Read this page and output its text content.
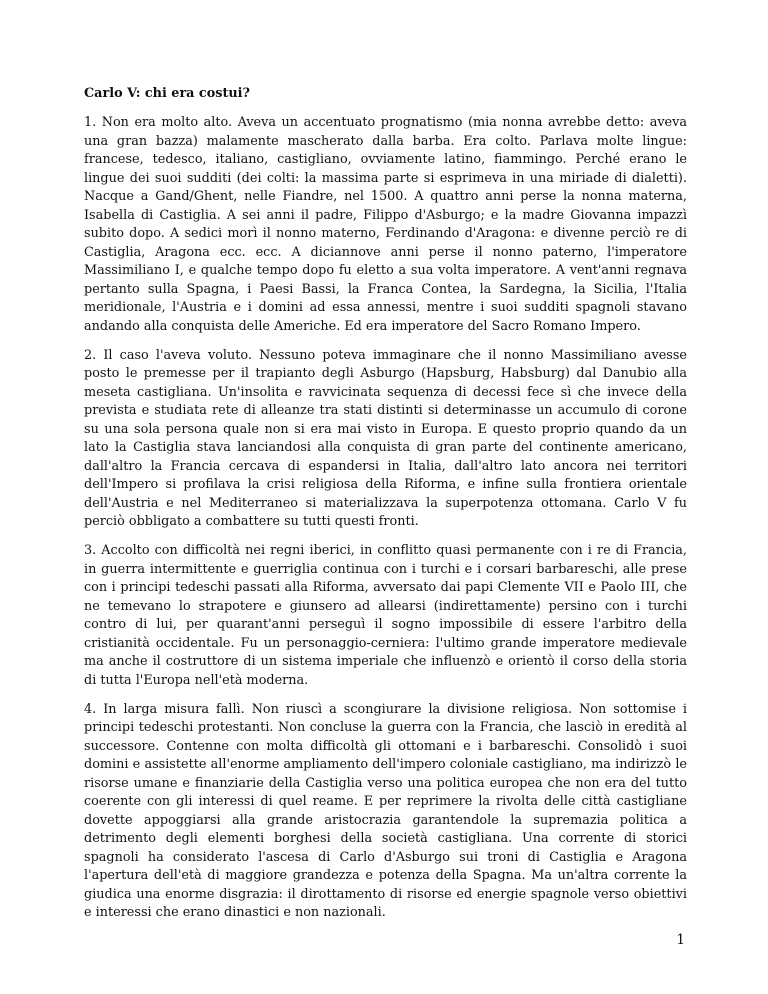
Carlo V: chi era costui?

1. Non era molto alto. Aveva un accentuato prognatismo (mia nonna avrebbe detto: aveva una gran bazza) malamente mascherato dalla barba. Era colto. Parlava molte lingue: francese, tedesco, italiano, castigliano, ovviamente latino, fiammingo. Perché erano le lingue dei suoi sudditi (dei colti: la massima parte si esprimeva in una miriade di dialetti). Nacque a Gand/Ghent, nelle Fiandre, nel 1500. A quattro anni perse la nonna materna, Isabella di Castiglia. A sei anni il padre, Filippo d'Asburgo; e la madre Giovanna impazzì subito dopo. A sedici morì il nonno materno, Ferdinando d'Aragona: e divenne perciò re di Castiglia, Aragona ecc. ecc. A diciannove anni perse il nonno paterno, l'imperatore Massimiliano I, e qualche tempo dopo fu eletto a sua volta imperatore. A vent'anni regnava pertanto sulla Spagna, i Paesi Bassi, la Franca Contea, la Sardegna, la Sicilia, l'Italia meridionale, l'Austria e i domini ad essa annessi, mentre i suoi sudditi spagnoli stavano andando alla conquista delle Americhe. Ed era imperatore del Sacro Romano Impero.

2. Il caso l'aveva voluto. Nessuno poteva immaginare che il nonno Massimiliano avesse posto le premesse per il trapianto degli Asburgo (Hapsburg, Habsburg) dal Danubio alla meseta castigliana. Un'insolita e ravvicinata sequenza di decessi fece sì che invece della prevista e studiata rete di alleanze tra stati distinti si determinasse un accumulo di corone su una sola persona quale non si era mai visto in Europa. E questo proprio quando da un lato la Castiglia stava lanciandosi alla conquista di gran parte del continente americano, dall'altro la Francia cercava di espandersi in Italia, dall'altro lato ancora nei territori dell'Impero si profilava la crisi religiosa della Riforma, e infine sulla frontiera orientale dell'Austria e nel Mediterraneo si materializzava la superpotenza ottomana. Carlo V fu perciò obbligato a combattere su tutti questi fronti.

3. Accolto con difficoltà nei regni iberici, in conflitto quasi permanente con i re di Francia, in guerra intermittente e guerriglia continua con i turchi e i corsari barbareschi, alle prese con i principi tedeschi passati alla Riforma, avversato dai papi Clemente VII e Paolo III, che ne temevano lo strapotere e giunsero ad allearsi (indirettamente) persino con i turchi contro di lui, per quarant'anni perseguì il sogno impossibile di essere l'arbitro della cristianità occidentale. Fu un personaggio-cerniera: l'ultimo grande imperatore medievale ma anche il costruttore di un sistema imperiale che influenzò e orientò il corso della storia di tutta l'Europa nell'età moderna.

4. In larga misura fallì. Non riuscì a scongiurare la divisione religiosa. Non sottomise i principi tedeschi protestanti. Non concluse la guerra con la Francia, che lasciò in eredità al successore. Contenne con molta difficoltà gli ottomani e i barbareschi. Consolidò i suoi domini e assistette all'enorme ampliamento dell'impero coloniale castigliano, ma indirizzò le risorse umane e finanziarie della Castiglia verso una politica europea che non era del tutto coerente con gli interessi di quel reame. E per reprimere la rivolta delle città castigliane dovette appoggiarsi alla grande aristocrazia garantendole la supremazia politica a detrimento degli elementi borghesi della società castigliana. Una corrente di storici spagnoli ha considerato l'ascesa di Carlo d'Asburgo sui troni di Castiglia e Aragona l'apertura dell'età di maggiore grandezza e potenza della Spagna. Ma un'altra corrente la giudica una enorme disgrazia: il dirottamento di risorse ed energie spagnole verso obiettivi e interessi che erano dinastici e non nazionali.

1
